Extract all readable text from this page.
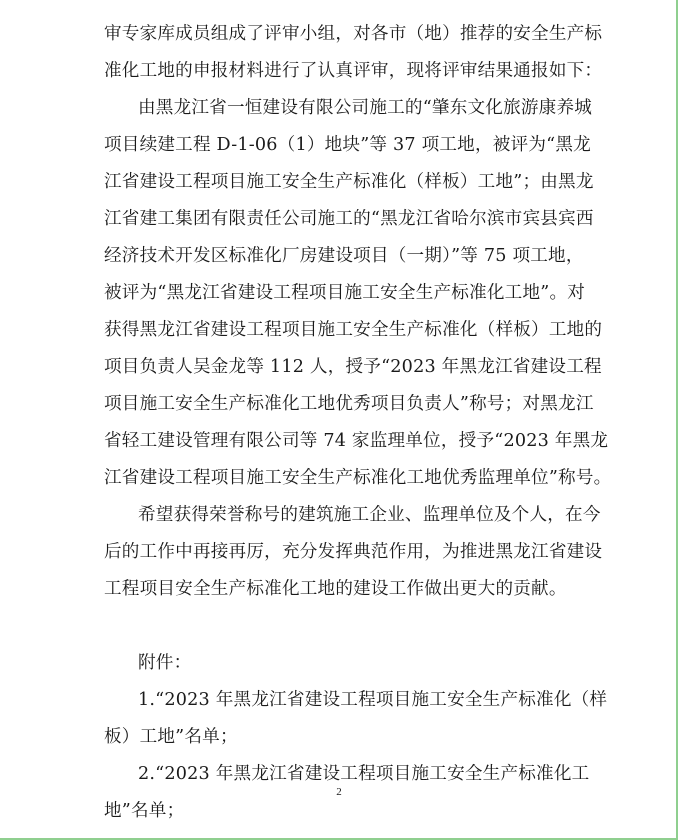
审专家库成员组成了评审小组，对各市（地）推荐的安全生产标
准化工地的申报材料进行了认真评审，现将评审结果通报如下：
由黑龙江省一恒建设有限公司施工的“肇东文化旅游康养城
项目续建工程 D-1-06（1）地块”等 37 项工地，被评为“黑龙
江省建设工程项目施工安全生产标准化（样板）工地”；由黑龙
江省建工集团有限责任公司施工的“黑龙江省哈尔滨市宾县宾西
经济技术开发区标准化厂房建设项目（一期）”等 75 项工地，
被评为“黑龙江省建设工程项目施工安全生产标准化工地”。对
获得黑龙江省建设工程项目施工安全生产标准化（样板）工地的
项目负责人吴金龙等 112 人，授予“2023 年黑龙江省建设工程
项目施工安全生产标准化工地优秀项目负责人”称号；对黑龙江
省轻工建设管理有限公司等 74 家监理单位，授予“2023 年黑龙
江省建设工程项目施工安全生产标准化工地优秀监理单位”称号。
希望获得荣誉称号的建筑施工企业、监理单位及个人，在今
后的工作中再接再厉，充分发挥典范作用，为推进黑龙江省建设
工程项目安全生产标准化工地的建设工作做出更大的贡献。
附件：
1.“2023 年黑龙江省建设工程项目施工安全生产标准化（样
板）工地”名单；
2.“2023 年黑龙江省建设工程项目施工安全生产标准化工
地”名单；
2
